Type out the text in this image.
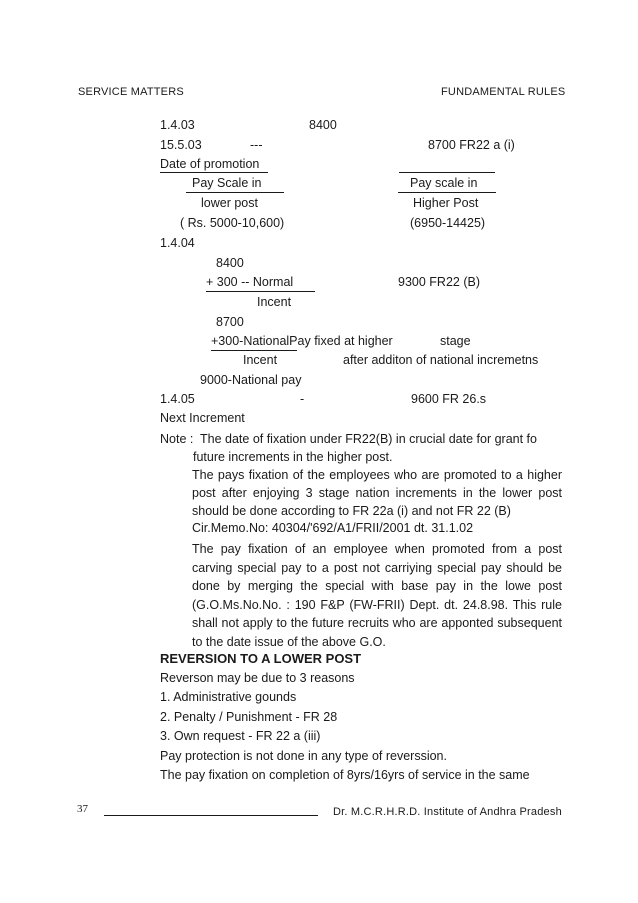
SERVICE MATTERS	FUNDAMENTAL RULES
1.4.03	8400
15.5.03	---	8700 FR22 a (i)
Date of promotion
Pay Scale in	Pay scale in
lower post	Higher Post
( Rs. 5000-10,600)	(6950-14425)
1.4.04
8400
+ 300 -- Normal	9300 FR22 (B)
Incent
8700
+300-NationalPay fixed at higher	stage
Incent	after additon of national incremetns
9000-National pay
1.4.05	-	9600 FR 26.s
Next Increment
Note : The date of fixation under FR22(B) in crucial date for grant fo
future increments in the higher post.
The pays fixation of the employees who are promoted to a higher post after enjoying 3 stage nation increments in the lower post should be done according to FR 22a (i) and not FR 22 (B)
Cir.Memo.No: 40304/'692/A1/FRII/2001 dt. 31.1.02
The pay fixation of an employee when promoted from a post carving special pay to a post not carriying special pay should be done by merging the special with base pay in the lowe post (G.O.Ms.No.No. : 190 F&P (FW-FRII) Dept. dt. 24.8.98. This rule shall not apply to the future recruits who are apponted subsequent to the date issue of the above G.O.
REVERSION TO A LOWER POST
Reverson may be due to 3 reasons
1. Administrative gounds
2. Penalty / Punishment - FR 28
3. Own request - FR 22 a (iii)
Pay protection is not done in any type of reverssion.
The pay fixation on completion of 8yrs/16yrs of service in the same
37	Dr. M.C.R.H.R.D. Institute of Andhra Pradesh
